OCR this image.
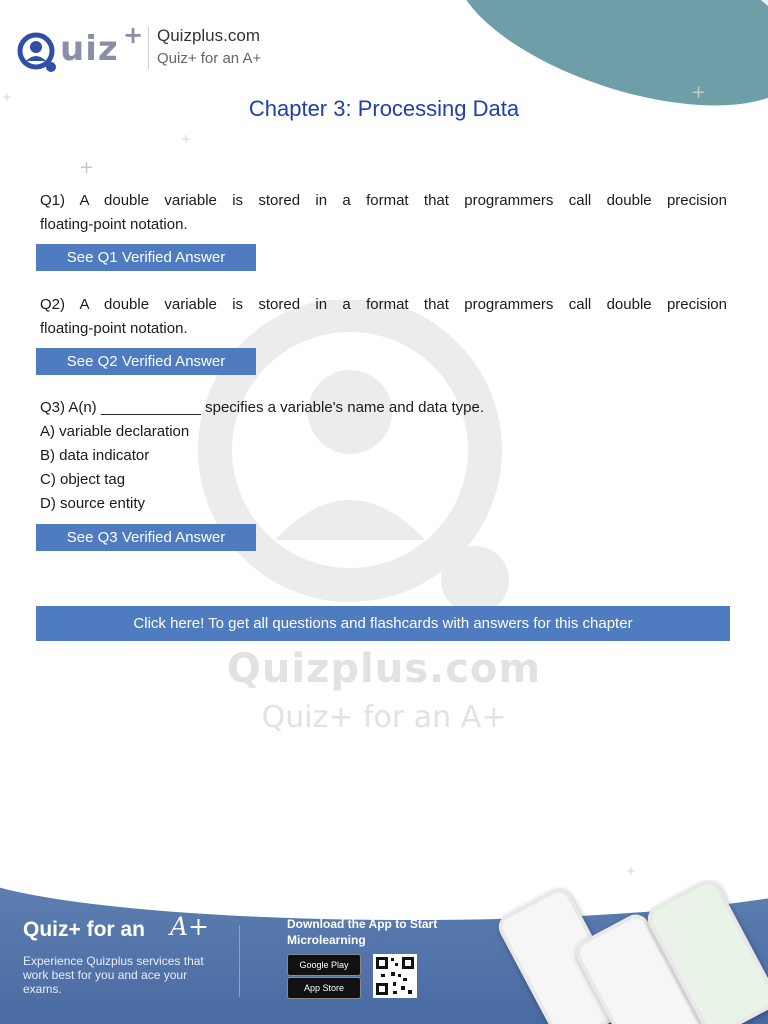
Quizplus.com
Quiz+ for an A+
+
+
+
+
+
uiz + Quizplus.com
Quiz+ for an A+
Chapter 3: Processing Data
Q1) A double variable is stored in a format that programmers call double precision
floating-point notation.
See Q1 Verified Answer
Q2) A double variable is stored in a format that programmers call double precision
floating-point notation.
See Q2 Verified Answer
Q3) A(n) ____________ specifies a variable's name and data type.
A) variable declaration
B) data indicator
C) object tag
D) source entity
See Q3 Verified Answer
Click here! To get all questions and flashcards with answers for this chapter
Quiz+ for an A+
Experience Quizplus services that work best for you and ace your exams.
Download the App to Start Microlearning
Google Play
App Store
